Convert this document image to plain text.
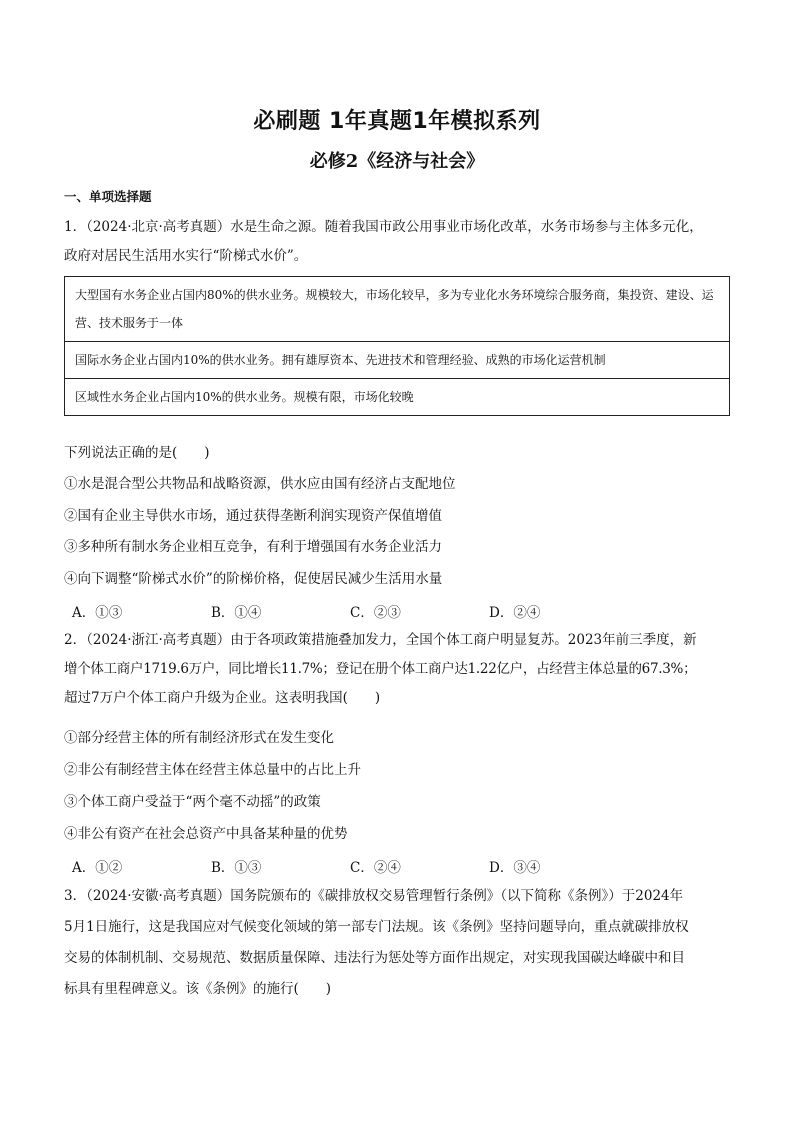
必刷题 1年真题1年模拟系列
必修2《经济与社会》
一、单项选择题
1．（2024·北京·高考真题）水是生命之源。随着我国市政公用事业市场化改革，水务市场参与主体多元化，
政府对居民生活用水实行“阶梯式水价”。
大型国有水务企业占国内80%的供水业务。规模较大，市场化较早，多为专业化水务环境综合服务商，集投资、建设、运营、技术服务于一体
国际水务企业占国内10%的供水业务。拥有雄厚资本、先进技术和管理经验、成熟的市场化运营机制
区域性水务企业占国内10%的供水业务。规模有限，市场化较晚
下列说法正确的是(　　)
①水是混合型公共物品和战略资源，供水应由国有经济占支配地位
②国有企业主导供水市场，通过获得垄断利润实现资产保值增值
③多种所有制水务企业相互竞争，有利于增强国有水务企业活力
④向下调整“阶梯式水价”的阶梯价格，促使居民减少生活用水量
A．①③	B．①④	C．②③	D．②④
2．（2024·浙江·高考真题）由于各项政策措施叠加发力，全国个体工商户明显复苏。2023年前三季度，新
增个体工商户1719.6万户，同比增长11.7%；登记在册个体工商户达1.22亿户，占经营主体总量的67.3%；
超过7万户个体工商户升级为企业。这表明我国(　　)
①部分经营主体的所有制经济形式在发生变化
②非公有制经营主体在经营主体总量中的占比上升
③个体工商户受益于“两个毫不动摇”的政策
④非公有资产在社会总资产中具备某种量的优势
A．①②	B．①③	C．②④	D．③④
3．（2024·安徽·高考真题）国务院颁布的《碳排放权交易管理暂行条例》（以下简称《条例》）于2024年
5月1日施行，这是我国应对气候变化领域的第一部专门法规。该《条例》坚持问题导向，重点就碳排放权
交易的体制机制、交易规范、数据质量保障、违法行为惩处等方面作出规定，对实现我国碳达峰碳中和目
标具有里程碑意义。该《条例》的施行(　　)
